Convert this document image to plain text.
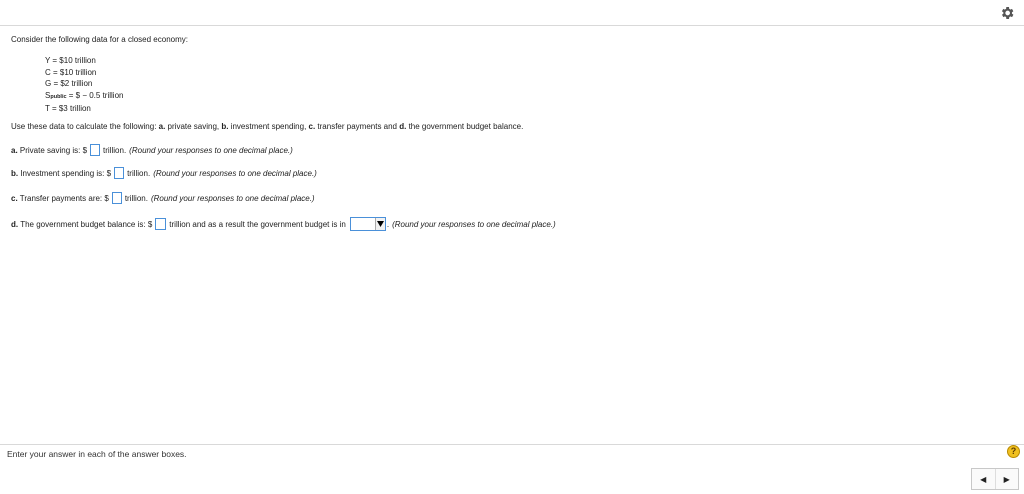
Consider the following data for a closed economy:
Y = $10 trillion
C = $10 trillion
G = $2 trillion
Spublic = $ − 0.5 trillion
T = $3 trillion
Use these data to calculate the following: a. private saving, b. investment spending, c. transfer payments and d. the government budget balance.
a. Private saving is: $ trillion. (Round your responses to one decimal place.)
b. Investment spending is: $ trillion. (Round your responses to one decimal place.)
c. Transfer payments are: $ trillion. (Round your responses to one decimal place.)
d. The government budget balance is: $ trillion and as a result the government budget is in	. (Round your responses to one decimal place.)
Enter your answer in each of the answer boxes.	?
◀ ▶
